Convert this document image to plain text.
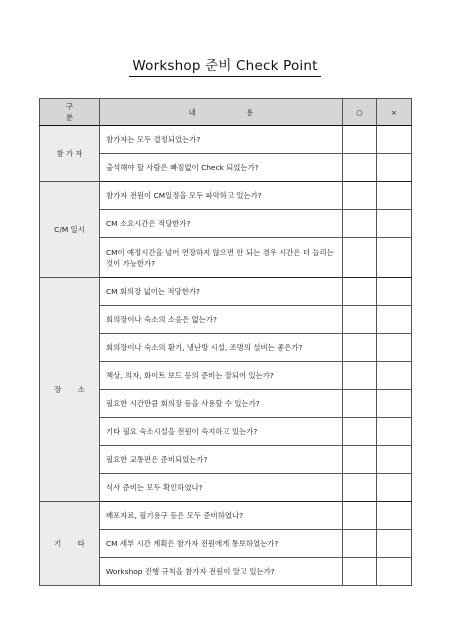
Workshop 준비 Check Point
구 분	내 용	○	×
참 가 자	참가자는 모두 결정되었는가?		
	출석해야 할 사람은 빠짐없이 Check 되었는가?		
C/M 일시	참가자 전원이 CM일정을 모두 파악하고 있는가?		
	CM 소요시간은 적당한가?		
	CM이 예정시간을 넘어 연장하지 않으면 안 되는 경우 시간은 더 늘리는 것이 가능한가?		
장 소	CM 회의장 넓이는 적당한가?		
	회의장이나 숙소의 소음은 없는가?		
	회의장이나 숙소의 환기, 냉난방 시설, 조명의 설비는 좋은가?		
	책상, 의자, 화이트 보드 등의 준비는 잘되어 있는가?		
	필요한 시간만큼 회의장 등을 사용할 수 있는가?		
	기타 필요 숙소시설을 전원이 숙지하고 있는가?		
	필요한 교통편은 준비되었는가?		
	식사 준비는 모두 확인하였나?		
기 타	배포자료, 필기용구 등은 모두 준비하였나?		
	CM 세부 시간 계획은 참가자 전원에게 통보하였는가?		
	Workshop 진행 규칙을 참가자 전원이 알고 있는가?		
